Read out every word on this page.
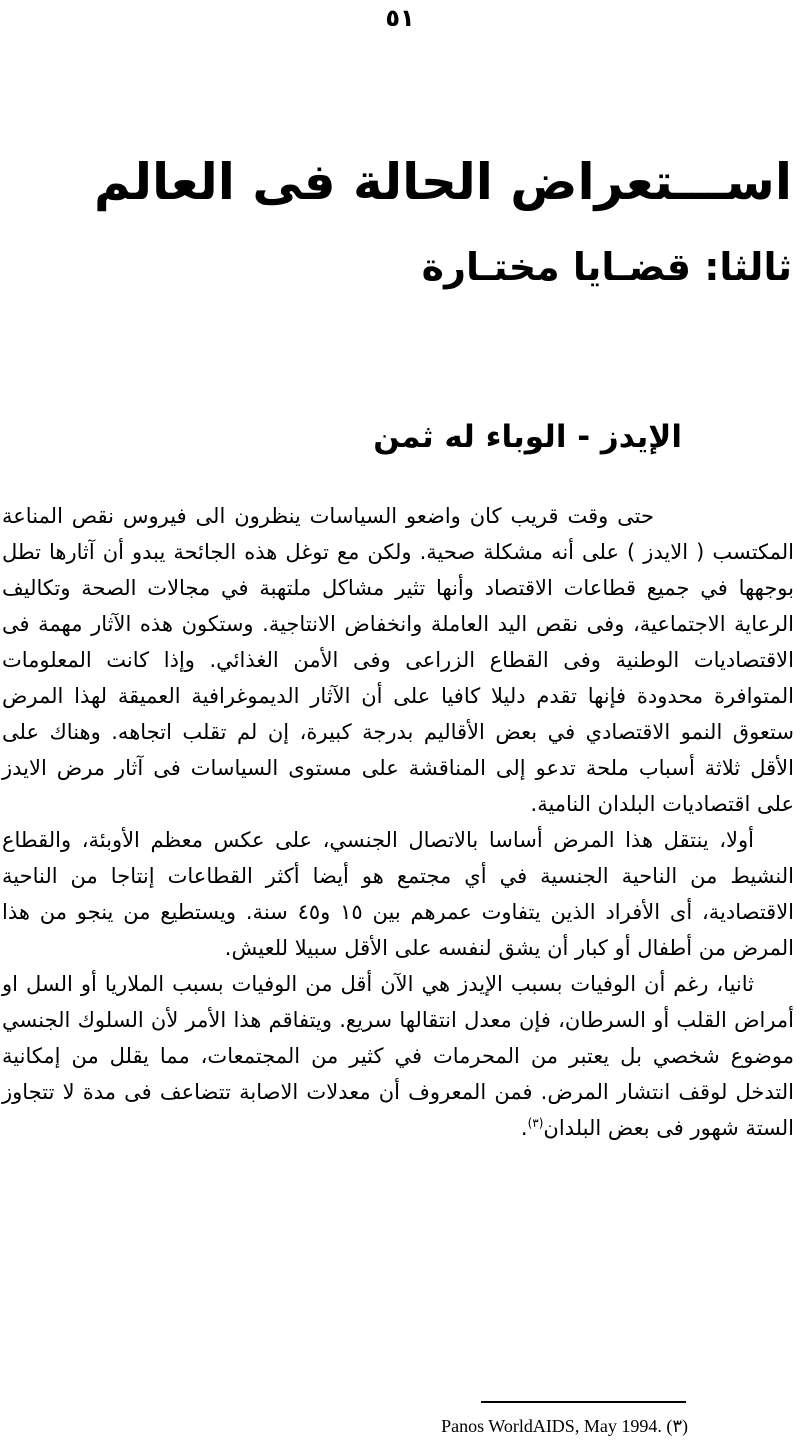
٥١
اســـتعراض الحالة فى العالم
ثالثا: قضـايا مختـارة
الإيدز - الوباء له ثمن

حتى وقت قريب كان واضعو السياسات ينظرون الى فيروس نقص المناعة المكتسب ( الايدز ) على أنه مشكلة صحية. ولكن مع توغل هذه الجائحة يبدو أن آثارها تطل بوجهها في جميع قطاعات الاقتصاد وأنها تثير مشاكل ملتهبة في مجالات الصحة وتكاليف الرعاية الاجتماعية، وفى نقص اليد العاملة وانخفاض الانتاجية. وستكون هذه الآثار مهمة فى الاقتصاديات الوطنية وفى القطاع الزراعى وفى الأمن الغذائي. وإذا كانت المعلومات المتوافرة محدودة فإنها تقدم دليلا كافيا على أن الآثار الديموغرافية العميقة لهذا المرض ستعوق النمو الاقتصادي في بعض الأقاليم بدرجة كبيرة، إن لم تقلب اتجاهه. وهناك على الأقل ثلاثة أسباب ملحة تدعو إلى المناقشة على مستوى السياسات فى آثار مرض الايدز على اقتصاديات البلدان النامية.

أولا، ينتقل هذا المرض أساسا بالاتصال الجنسي، على عكس معظم الأوبئة، والقطاع النشيط من الناحية الجنسية في أي مجتمع هو أيضا أكثر القطاعات إنتاجا من الناحية الاقتصادية، أى الأفراد الذين يتفاوت عمرهم بين ١٥ و٤٥ سنة. ويستطيع من ينجو من هذا المرض من أطفال أو كبار أن يشق لنفسه على الأقل سبيلا للعيش.

ثانيا، رغم أن الوفيات بسبب الإيدز هي الآن أقل من الوفيات بسبب الملاريا أو السل او أمراض القلب أو السرطان، فإن معدل انتقالها سريع. ويتفاقم هذا الأمر لأن السلوك الجنسي موضوع شخصي بل يعتبر من المحرمات في كثير من المجتمعات، مما يقلل من إمكانية التدخل لوقف انتشار المرض. فمن المعروف أن معدلات الاصابة تتضاعف فى مدة لا تتجاوز الستة شهور فى بعض البلدان$^{(٣)}$.

(٣) Panos WorldAIDS, May 1994.
